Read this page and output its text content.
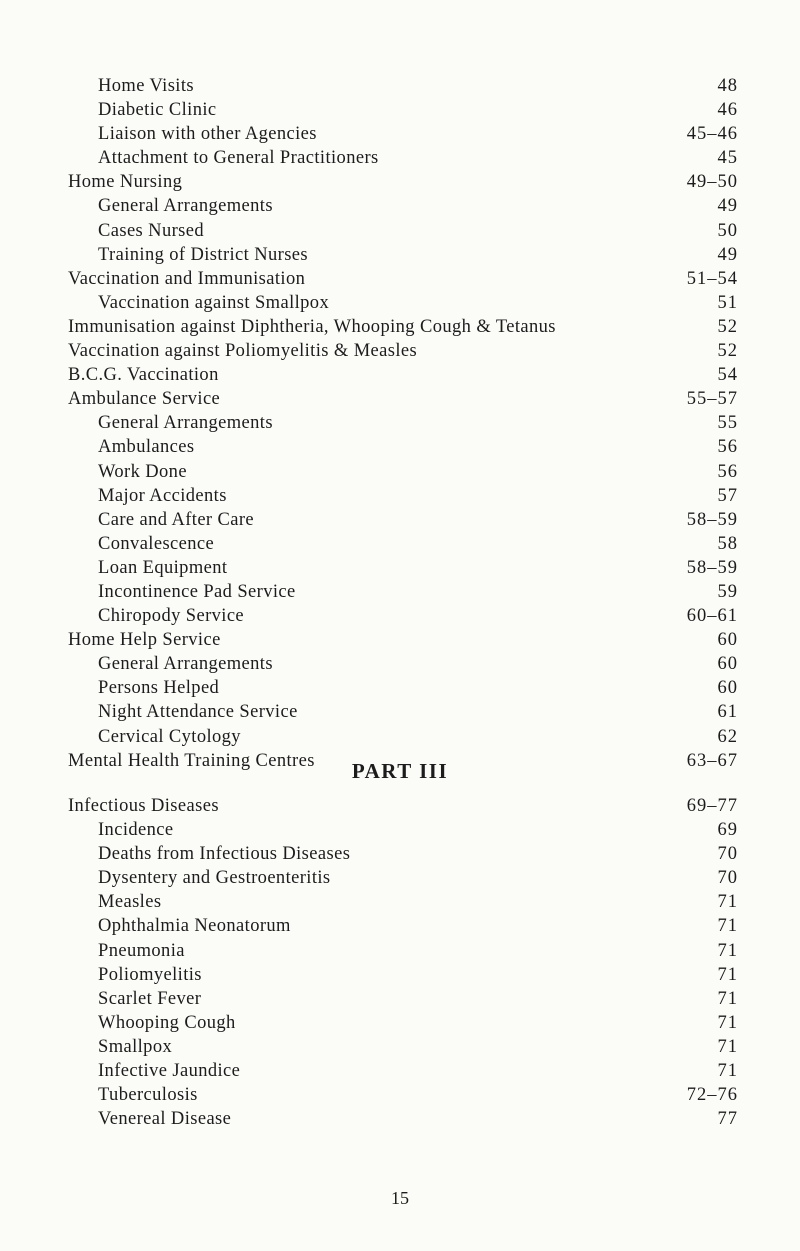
Home Visits	48
Diabetic Clinic	46
Liaison with other Agencies	45–46
Attachment to General Practitioners	45
Home Nursing	49–50
General Arrangements	49
Cases Nursed	50
Training of District Nurses	49
Vaccination and Immunisation	51–54
Vaccination against Smallpox	51
Immunisation against Diphtheria, Whooping Cough & Tetanus	52
Vaccination against Poliomyelitis & Measles	52
B.C.G. Vaccination	54
Ambulance Service	55–57
General Arrangements	55
Ambulances	56
Work Done	56
Major Accidents	57
Care and After Care	58–59
Convalescence	58
Loan Equipment	58–59
Incontinence Pad Service	59
Chiropody Service	60–61
Home Help Service	60
General Arrangements	60
Persons Helped	60
Night Attendance Service	61
Cervical Cytology	62
Mental Health Training Centres	63–67
PART III
Infectious Diseases	69–77
Incidence	69
Deaths from Infectious Diseases	70
Dysentery and Gestroenteritis	70
Measles	71
Ophthalmia Neonatorum	71
Pneumonia	71
Poliomyelitis	71
Scarlet Fever	71
Whooping Cough	71
Smallpox	71
Infective Jaundice	71
Tuberculosis	72–76
Venereal Disease	77
15
